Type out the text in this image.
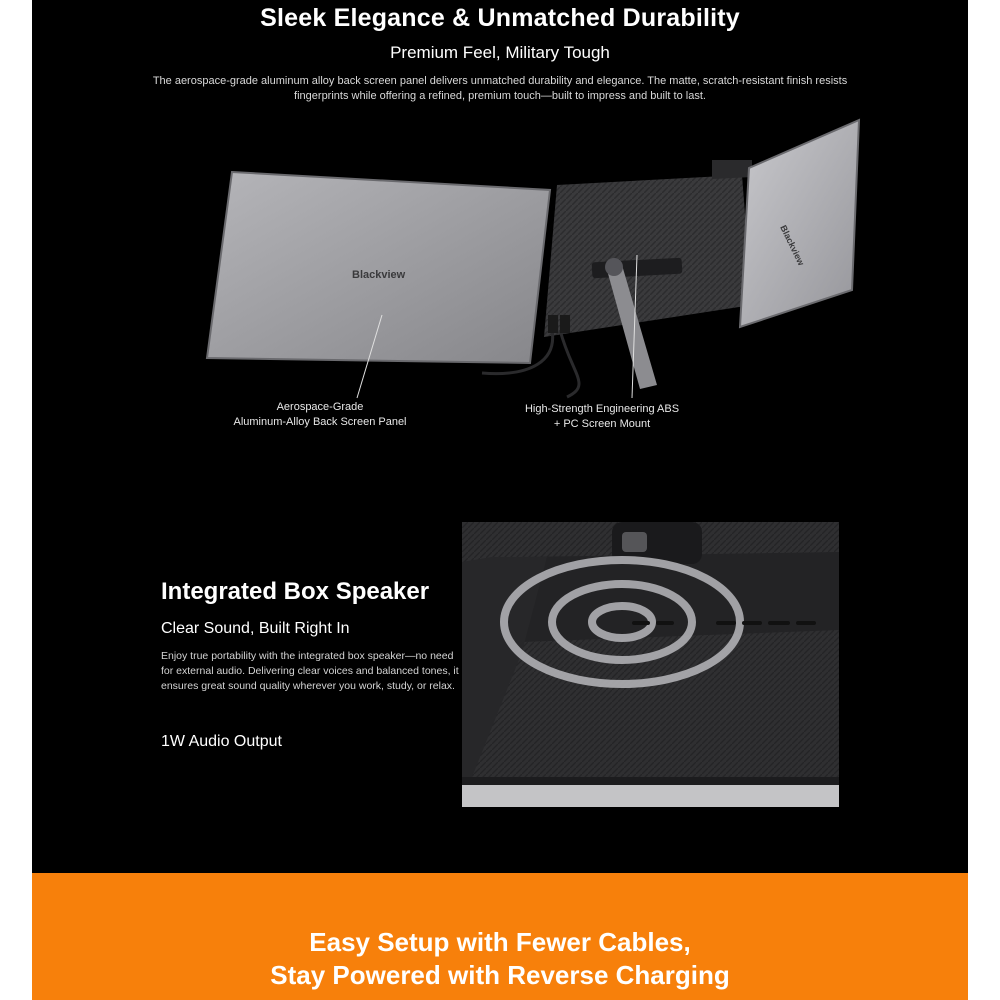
Sleek Elegance & Unmatched Durability
Premium Feel, Military Tough
The aerospace-grade aluminum alloy back screen panel delivers unmatched durability and elegance. The matte, scratch-resistant finish resists fingerprints while offering a refined, premium touch—built to impress and built to last.
Blackview
Blackview
Aerospace-Grade
Aluminum-Alloy Back Screen Panel
High-Strength Engineering ABS
+ PC Screen Mount
Integrated Box Speaker
Clear Sound, Built Right In
Enjoy true portability with the integrated box speaker—no need for external audio. Delivering clear voices and balanced tones, it ensures great sound quality wherever you work, study, or relax.
1W Audio Output
Easy Setup with Fewer Cables,
Stay Powered with Reverse Charging
